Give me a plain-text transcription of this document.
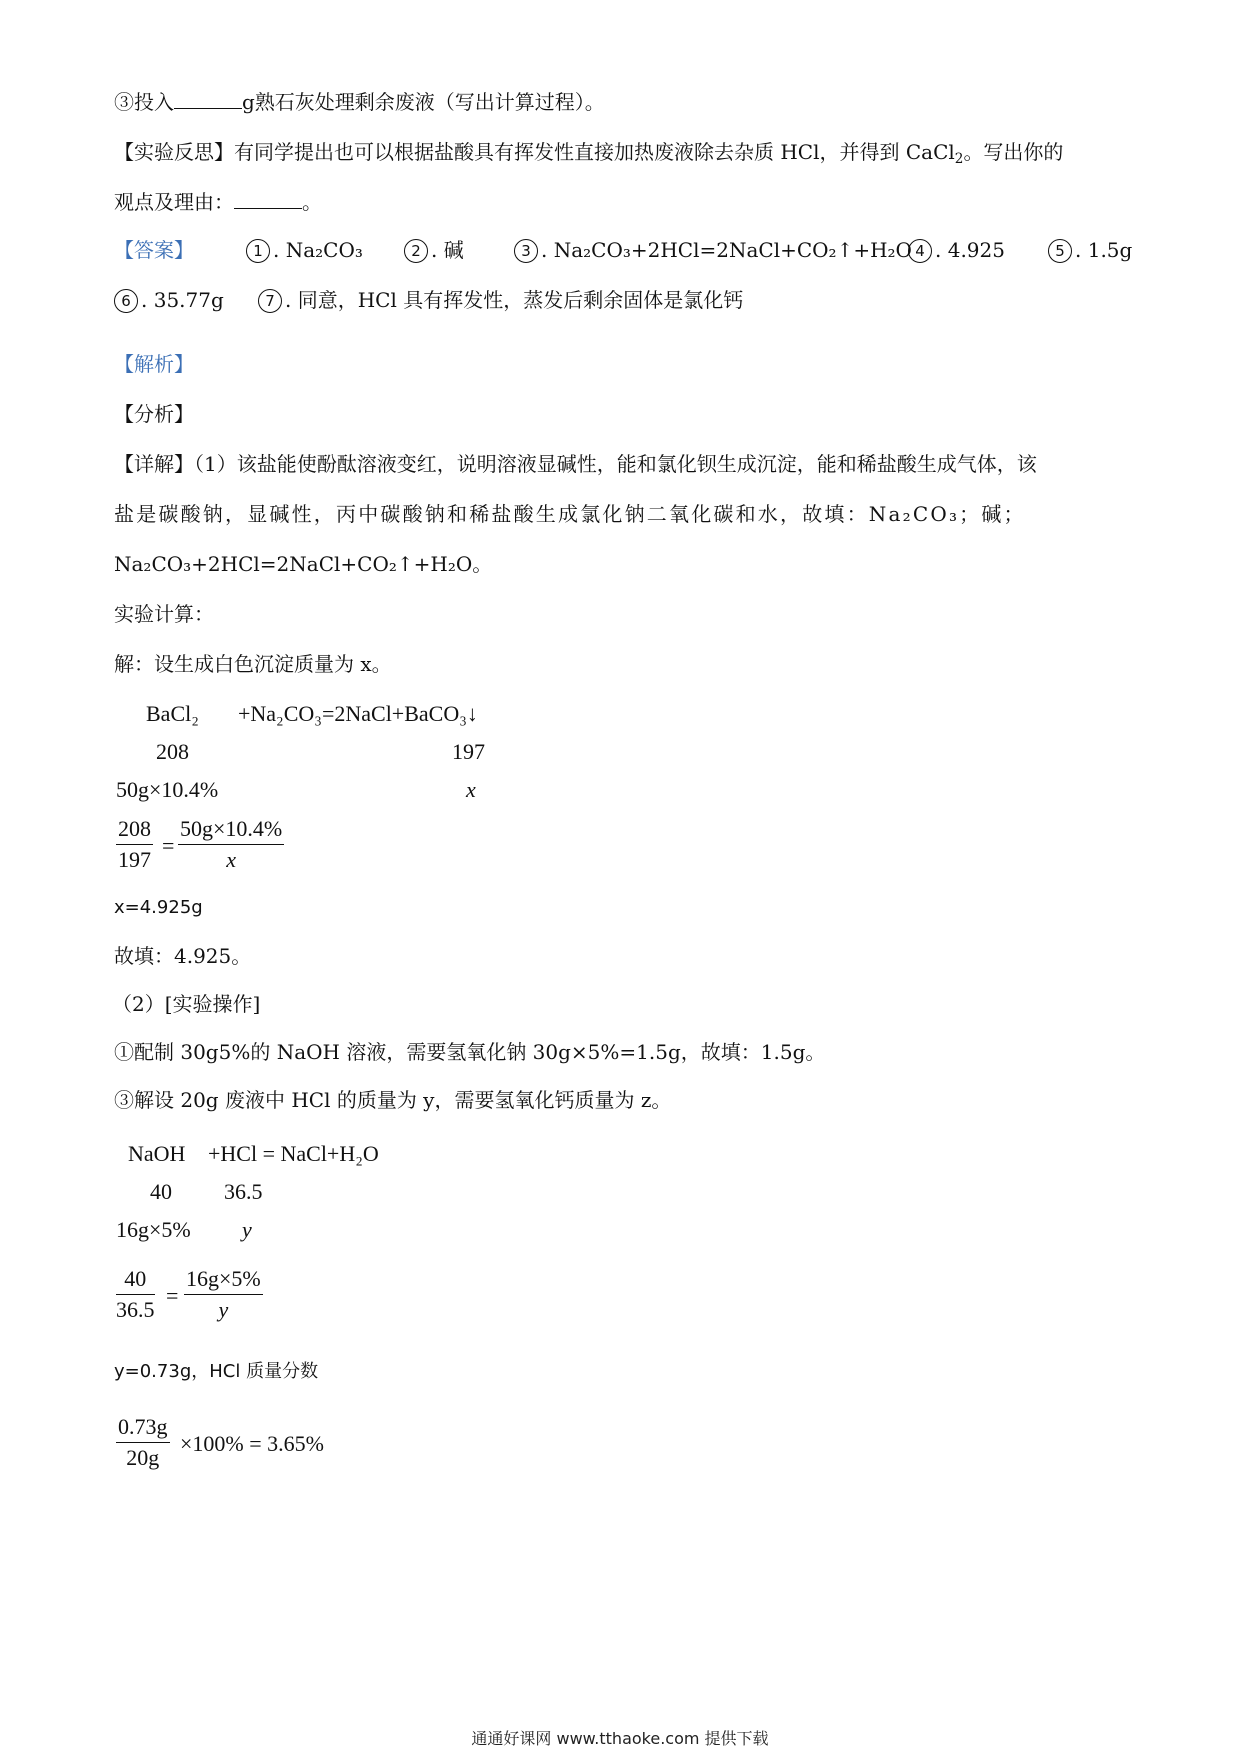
③投入	g熟石灰处理剩余废液（写出计算过程）。
【实验反思】有同学提出也可以根据盐酸具有挥发性直接加热废液除去杂质 HCl，并得到 CaCl$_2$。写出你的
观点及理由：	。
【答案】	1 . Na₂CO₃	2 . 碱	3 . Na₂CO₃+2HCl=2NaCl+CO₂↑+H₂O 4 . 4.925	5 . 1.5g
6 . 35.77g	7 . 同意，HCl 具有挥发性，蒸发后剩余固体是氯化钙
【解析】
【分析】
【详解】（1）该盐能使酚酞溶液变红，说明溶液显碱性，能和氯化钡生成沉淀，能和稀盐酸生成气体，该
盐是碳酸钠，显碱性，丙中碳酸钠和稀盐酸生成氯化钠二氧化碳和水，故填：Na₂CO₃；碱；
Na₂CO₃+2HCl=2NaCl+CO₂↑+H₂O。
实验计算：
解：设生成白色沉淀质量为 x。
BaCl₂ +Na₂CO₃=2NaCl+BaCO₃↓
208	197
50g×10.4%	x
208
197
=
50g×10.4%
x
x=4.925g
故填：4.925。
（2）[实验操作]
①配制 30g5%的 NaOH 溶液，需要氢氧化钠 30g×5%=1.5g，故填：1.5g。
③解设 20g 废液中 HCl 的质量为 y，需要氢氧化钙质量为 z。
NaOH +HCl = NaCl+H₂O
40 36.5
16g×5% y
40
36.5
=
16g×5%
y
y=0.73g，HCl 质量分数
0.73g
20g
×100% = 3.65%
通通好课网 www.tthaoke.com 提供下载
